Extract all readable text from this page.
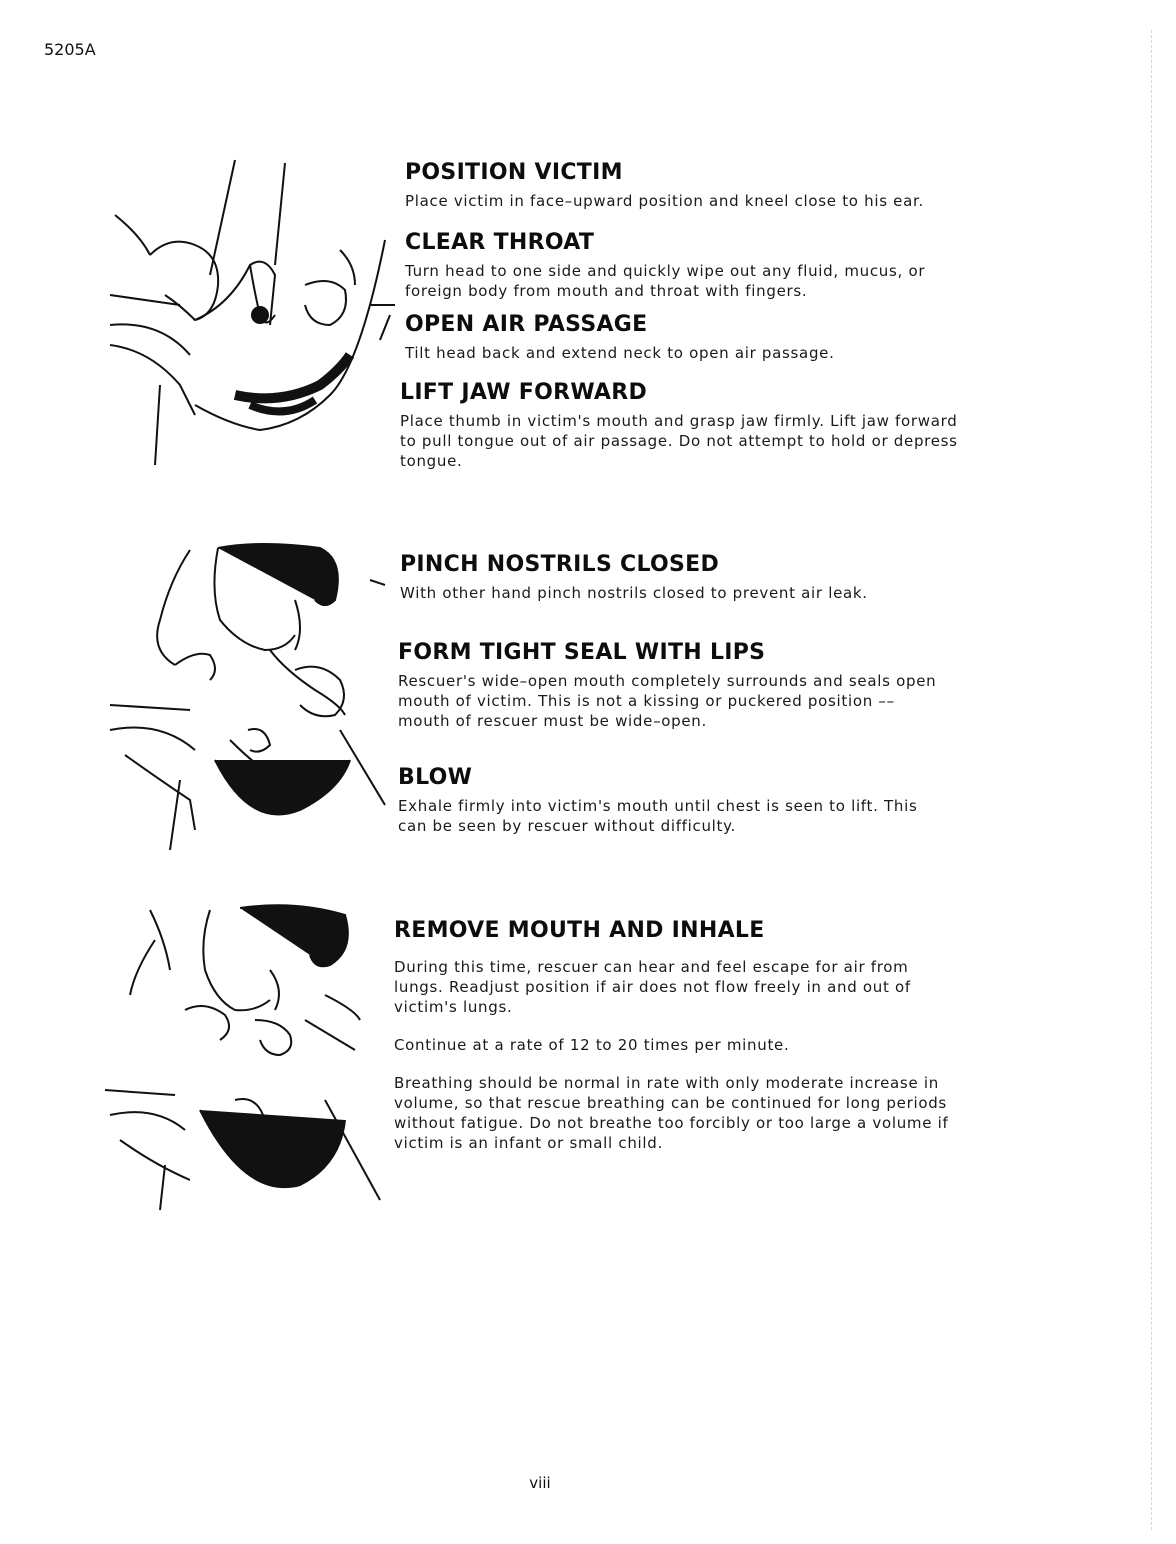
5205A
POSITION VICTIM

Place victim in face–upward position and kneel close to his ear.

CLEAR THROAT

Turn head to one side and quickly wipe out any fluid, mucus, or foreign body from mouth and throat with fingers.

OPEN AIR PASSAGE

Tilt head back and extend neck to open air passage.

LIFT JAW FORWARD

Place thumb in victim's mouth and grasp jaw firmly. Lift jaw forward to pull tongue out of air passage. Do not attempt to hold or depress tongue.

PINCH NOSTRILS CLOSED

With other hand pinch nostrils closed to prevent air leak.

FORM TIGHT SEAL WITH LIPS

Rescuer's wide–open mouth completely surrounds and seals open mouth of victim. This is not a kissing or puckered position ––mouth of rescuer must be wide–open.

BLOW

Exhale firmly into victim's mouth until chest is seen to lift. This can be seen by rescuer without difficulty.

REMOVE MOUTH AND INHALE

During this time, rescuer can hear and feel escape for air from lungs. Readjust position if air does not flow freely in and out of victim's lungs.

Continue at a rate of 12 to 20 times per minute.

Breathing should be normal in rate with only moderate increase in volume, so that rescue breathing can be continued for long periods without fatigue. Do not breathe too forcibly or too large a volume if victim is an infant or small child.

viii
